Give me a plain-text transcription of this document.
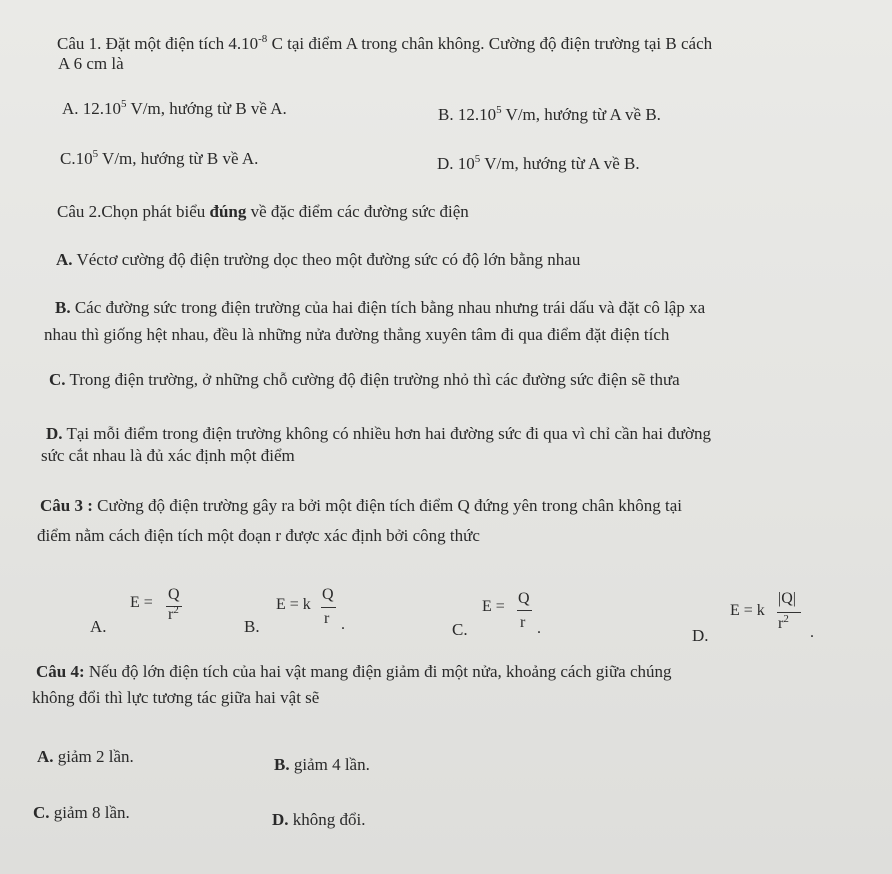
Câu 1. Đặt một điện tích $4.10^{-8}$ C tại điểm A trong chân không. Cường độ điện trường tại B cách
A 6 cm là
A. 12.10$^5$ V/m, hướng từ B về A.	B. 12.10$^5$ V/m, hướng từ A về B.
$C.10^5$ V/m, hướng từ B về A.	D. $10^5$ V/m, hướng từ A về B.
Câu 2.Chọn phát biểu đúng về đặc điểm các đường sức điện
A. Véctơ cường độ điện trường dọc theo một đường sức có độ lớn bằng nhau
B. Các đường sức trong điện trường của hai điện tích bằng nhau nhưng trái dấu và đặt cô lập xa
nhau thì giống hệt nhau, đều là những nửa đường thẳng xuyên tâm đi qua điểm đặt điện tích
C. Trong điện trường, ở những chỗ cường độ điện trường nhỏ thì các đường sức điện sẽ thưa
D. Tại mỗi điểm trong điện trường không có nhiều hơn hai đường sức đi qua vì chỉ cần hai đường
sức cắt nhau là đủ xác định một điểm
Câu 3 : Cường độ điện trường gây ra bởi một điện tích điểm Q đứng yên trong chân không tại
điểm nằm cách điện tích một đoạn r được xác định bởi công thức
A.
E = Q
$r^2$
B.
E = k
Q
r .	C.
E = Q
r .	D.
E = k
|Q|
$r^2$
.
Câu 4: Nếu độ lớn điện tích của hai vật mang điện giảm đi một nửa, khoảng cách giữa chúng
không đổi thì lực tương tác giữa hai vật sẽ
A. giảm 2 lần.	B. giảm 4 lần.
C. giảm 8 lần.	D. không đổi.
